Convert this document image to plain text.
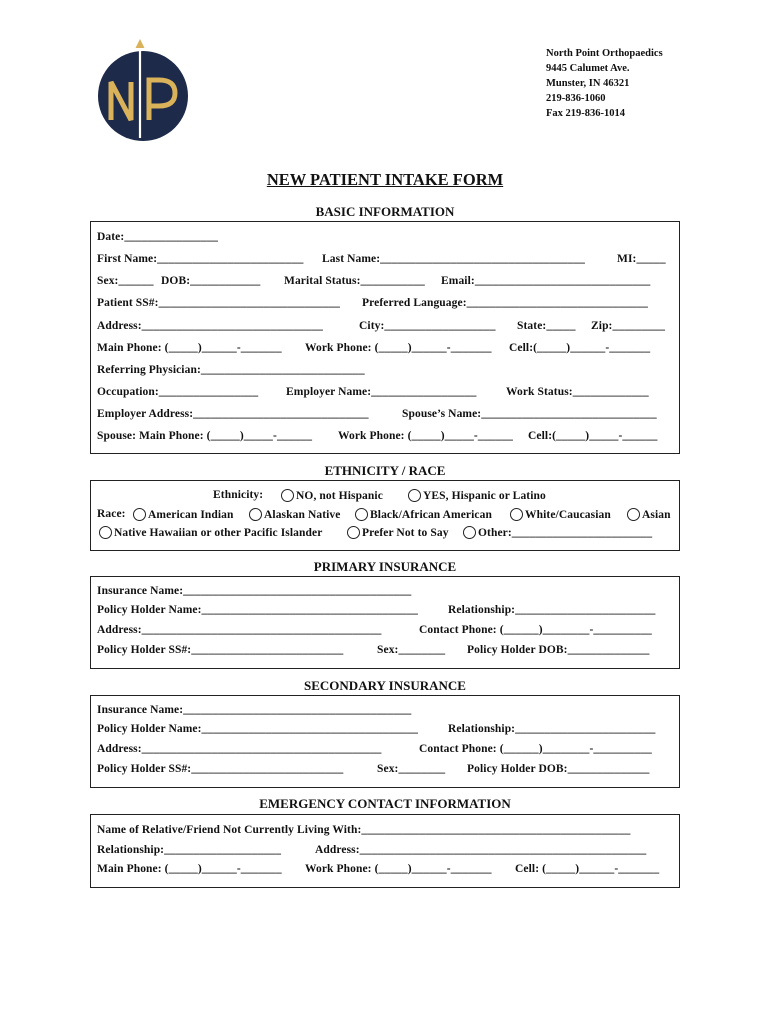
North Point Orthopaedics
9445 Calumet Ave.
Munster, IN 46321
219-836-1060
Fax 219-836-1014
NEW PATIENT INTAKE FORM
BASIC INFORMATION
Date:________________
First Name:_________________________ Last Name:___________________________________	MI:_____
Sex:______ DOB:____________ Marital Status:___________ Email:______________________________
Patient SS#:_______________________________ Preferred Language:_______________________________
Address:_______________________________	City:___________________ State:_____ Zip:_________
Main Phone: (_____)______-_______ Work Phone: (_____)______-_______ Cell:(_____)______-_______
Referring Physician:____________________________
Occupation:_________________ Employer Name:__________________	Work Status:_____________
Employer Address:______________________________	Spouse’s Name:______________________________
Spouse: Main Phone: (_____)_____-______ Work Phone: (_____)_____-______ Cell:(_____)_____-______
ETHNICITY / RACE
Ethnicity:	NO, not Hispanic	YES, Hispanic or Latino
Race:	American Indian	Alaskan Native	Black/African American	White/Caucasian	Asian
Native Hawaiian or other Pacific Islander	Prefer Not to Say	Other:________________________
PRIMARY INSURANCE
Insurance Name:_______________________________________
Policy Holder Name:_____________________________________	Relationship:________________________
Address:_________________________________________	Contact Phone: (______)________-__________
Policy Holder SS#:__________________________	Sex:________ Policy Holder DOB:______________
SECONDARY INSURANCE
Insurance Name:_______________________________________
Policy Holder Name:_____________________________________	Relationship:________________________
Address:_________________________________________	Contact Phone: (______)________-__________
Policy Holder SS#:__________________________	Sex:________ Policy Holder DOB:______________
EMERGENCY CONTACT INFORMATION
Name of Relative/Friend Not Currently Living With:______________________________________________
Relationship:____________________	Address:_________________________________________________
Main Phone: (_____)______-_______ Work Phone: (_____)______-_______ Cell: (_____)______-_______
